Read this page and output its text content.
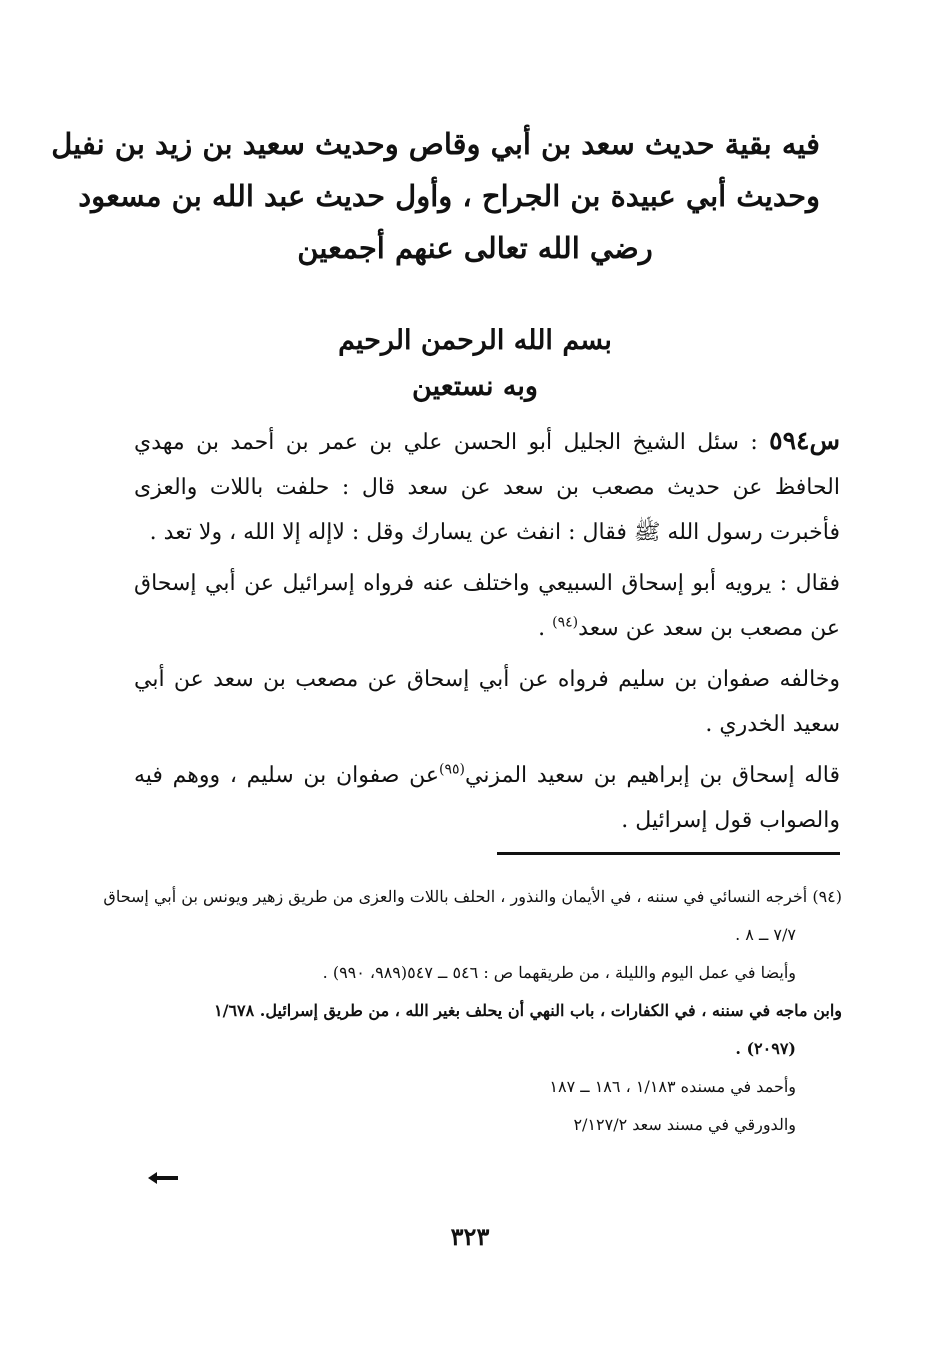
فيه بقية حديث سعد بن أبي وقاص وحديث سعيد بن زيد بن نفيل
وحديث أبي عبيدة بن الجراح ، وأول حديث عبد الله بن مسعود
رضي الله تعالى عنهم أجمعين
بسم الله الرحمن الرحيم
وبه نستعين

س٥٩٤ : سئل الشيخ الجليل أبو الحسن علي بن عمر بن أحمد بن مهدي الحافظ عن حديث مصعب بن سعد عن سعد قال : حلفت باللات والعزى فأخبرت رسول الله ﷺ فقال : انفث عن يسارك وقل : لاإله إلا الله ، ولا تعد .

فقال : يرويه أبو إسحاق السبيعي واختلف عنه فرواه إسرائيل عن أبي إسحاق عن مصعب بن سعد عن سعد$^{(٩٤)}$ .

وخالفه صفوان بن سليم فرواه عن أبي إسحاق عن مصعب بن سعد عن أبي سعيد الخدري .

قاله إسحاق بن إبراهيم بن سعيد المزني$^{(٩٥)}$عن صفوان بن سليم ، ووهم فيه والصواب قول إسرائيل .

(٩٤) أخرجه النسائي في سننه ، في الأيمان والنذور ، الحلف باللات والعزى من طريق زهير ويونس بن أبي إسحاق
٧/٧ ــ ٨ .
وأيضا في عمل اليوم والليلة ، من طريقهما ص : ٥٤٦ ــ ٥٤٧(٩٨٩، ٩٩٠) .
وابن ماجه في سننه ، في الكفارات ، باب النهي أن يحلف بغير الله ، من طريق إسرائيل. ١/٦٧٨
(٢٠٩٧) .
وأحمد في مسنده ١/١٨٣ ، ١٨٦ ــ ١٨٧
والدورقي في مسند سعد ٢/١٢٧/٢
٣٢٣
